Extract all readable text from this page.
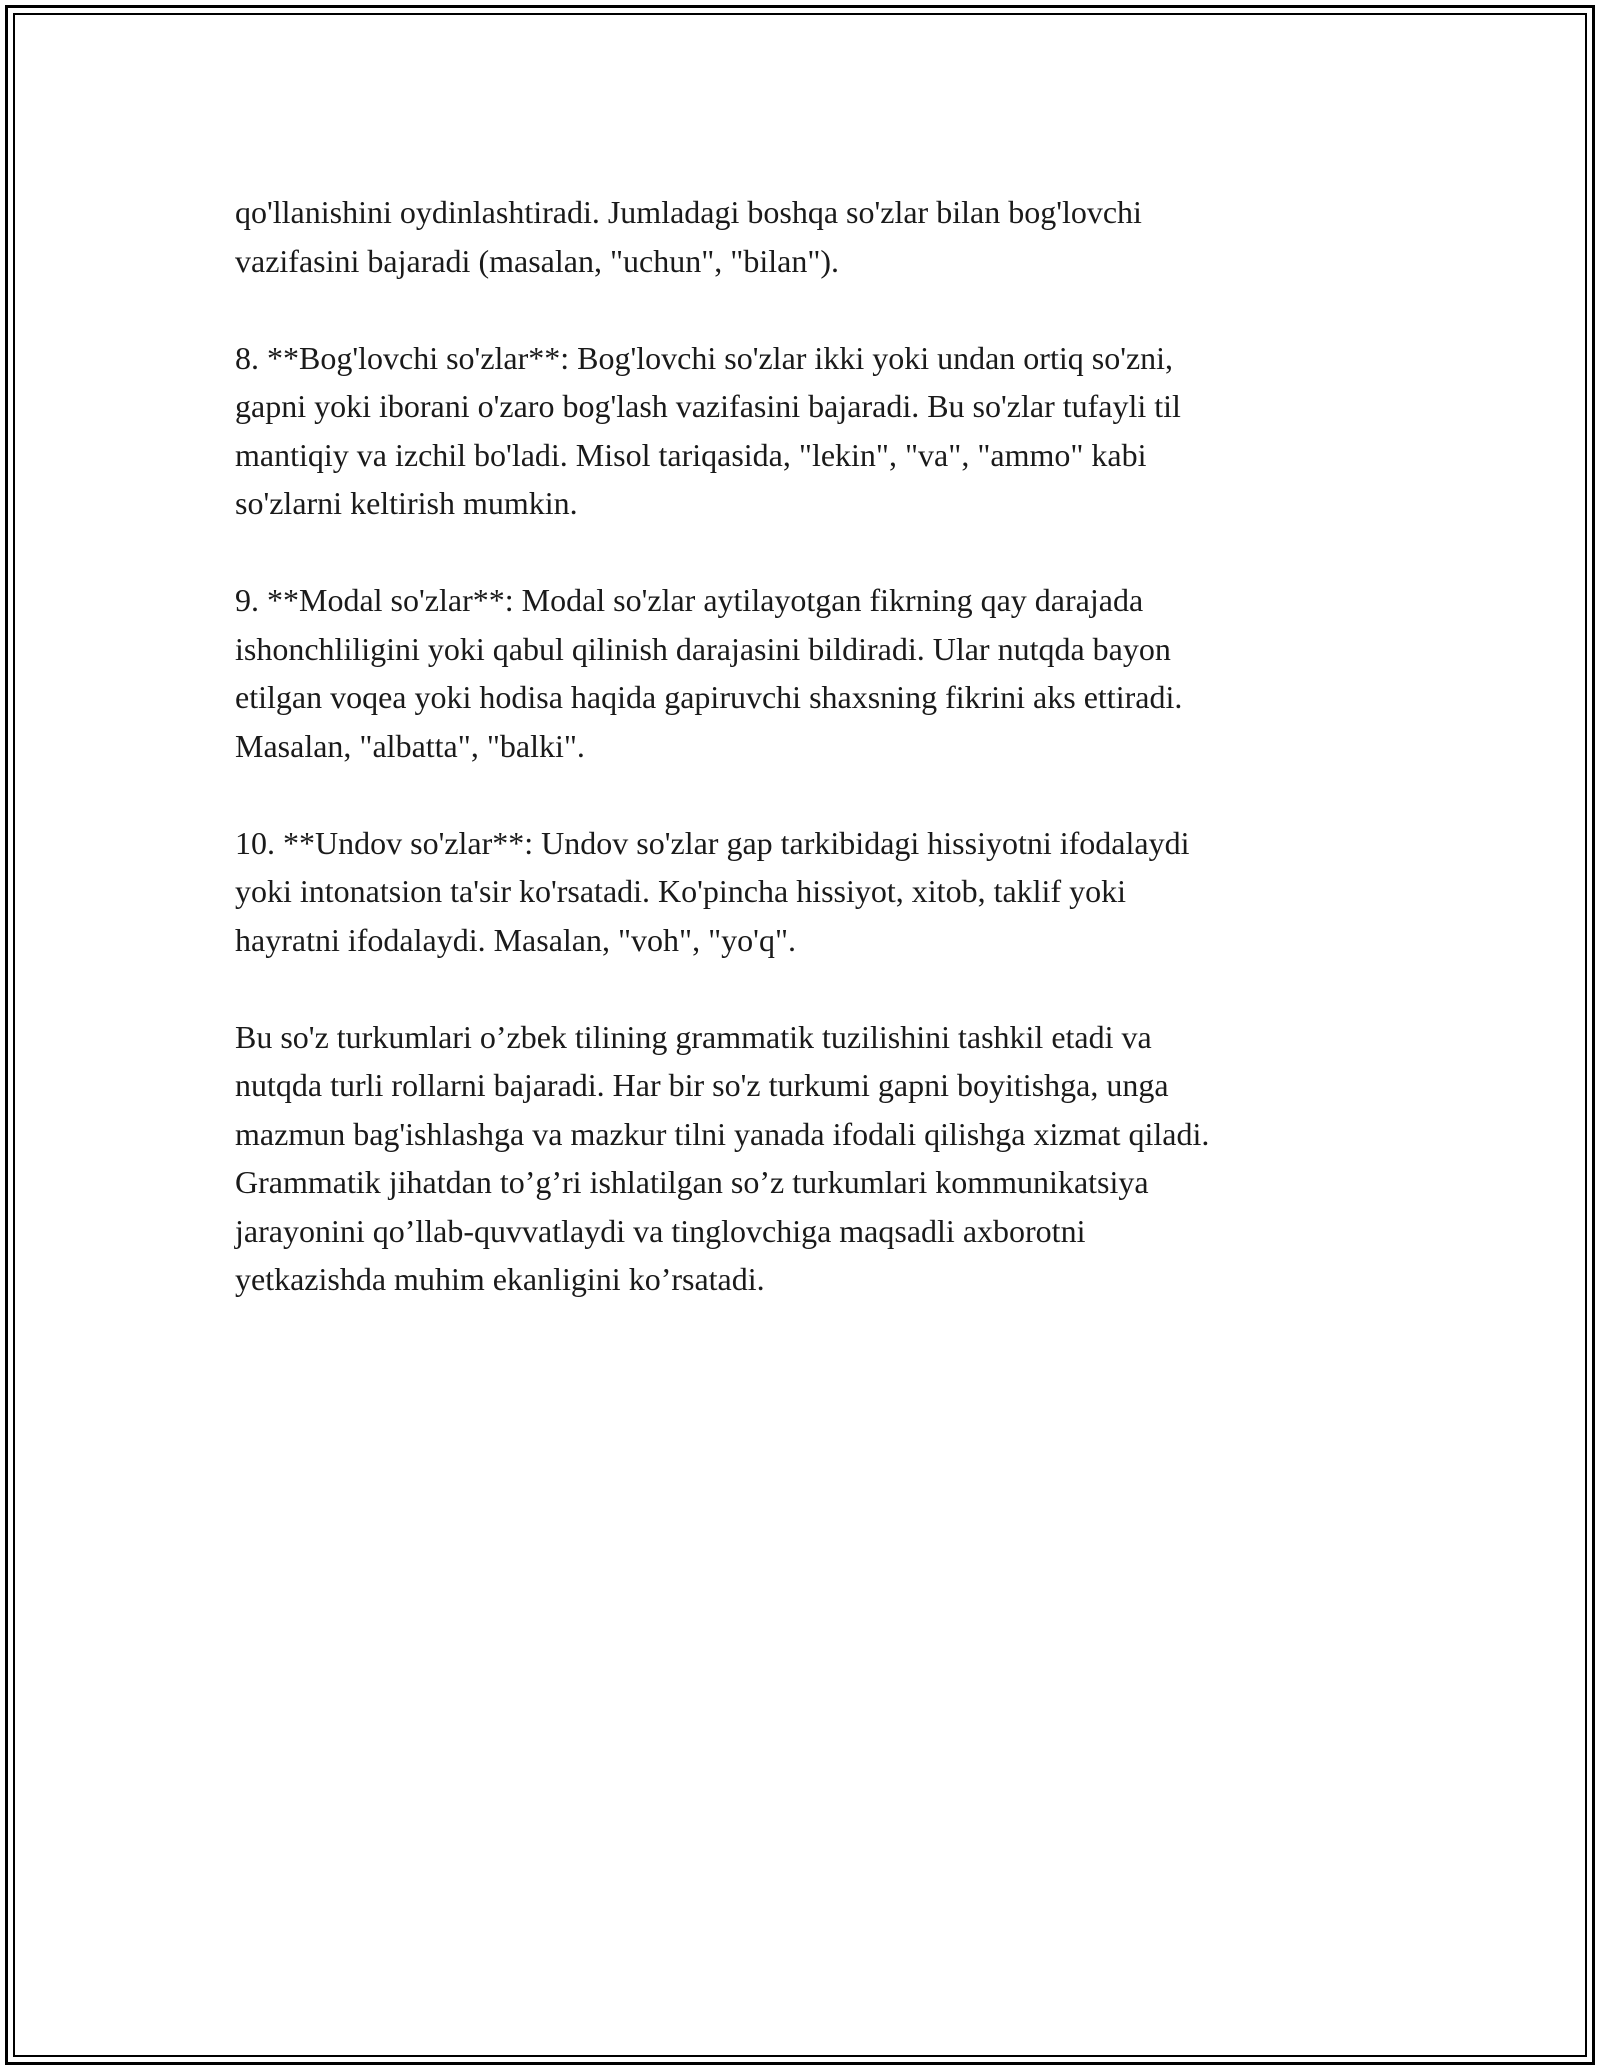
qo'llanishini oydinlashtiradi. Jumladagi boshqa so'zlar bilan bog'lovchi
vazifasini bajaradi (masalan, "uchun", "bilan").

8. **Bog'lovchi so'zlar**: Bog'lovchi so'zlar ikki yoki undan ortiq so'zni,
gapni yoki iborani o'zaro bog'lash vazifasini bajaradi. Bu so'zlar tufayli til
mantiqiy va izchil bo'ladi. Misol tariqasida, "lekin", "va", "ammo" kabi
so'zlarni keltirish mumkin.

9. **Modal so'zlar**: Modal so'zlar aytilayotgan fikrning qay darajada
ishonchliligini yoki qabul qilinish darajasini bildiradi. Ular nutqda bayon
etilgan voqea yoki hodisa haqida gapiruvchi shaxsning fikrini aks ettiradi.
Masalan, "albatta", "balki".

10. **Undov so'zlar**: Undov so'zlar gap tarkibidagi hissiyotni ifodalaydi
yoki intonatsion ta'sir ko'rsatadi. Ko'pincha hissiyot, xitob, taklif yoki
hayratni ifodalaydi. Masalan, "voh", "yo'q".

Bu so'z turkumlari o’zbek tilining grammatik tuzilishini tashkil etadi va
nutqda turli rollarni bajaradi. Har bir so'z turkumi gapni boyitishga, unga
mazmun bag'ishlashga va mazkur tilni yanada ifodali qilishga xizmat qiladi.
Grammatik jihatdan to’g’ri ishlatilgan so’z turkumlari kommunikatsiya
jarayonini qo’llab-quvvatlaydi va tinglovchiga maqsadli axborotni
yetkazishda muhim ekanligini ko’rsatadi.
